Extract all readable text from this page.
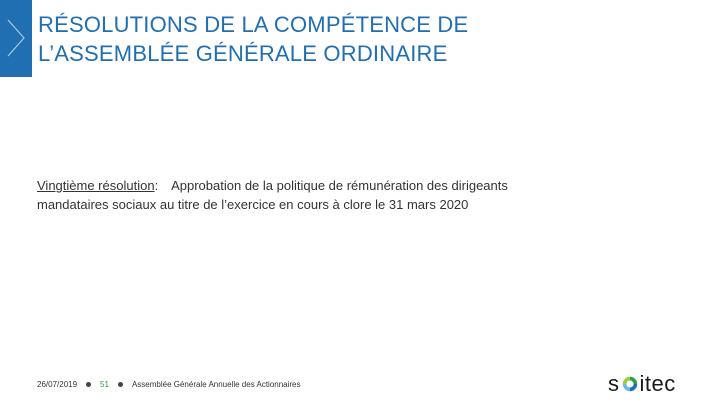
RÉSOLUTIONS DE LA COMPÉTENCE DE
L’ASSEMBLÉE GÉNÉRALE ORDINAIRE
Vingtième résolution: Approbation de la politique de rémunération des dirigeants
mandataires sociaux au titre de l’exercice en cours à clore le 31 mars 2020
26/07/2019	51	Assemblée Générale Annuelle des Actionnaires	s itec
